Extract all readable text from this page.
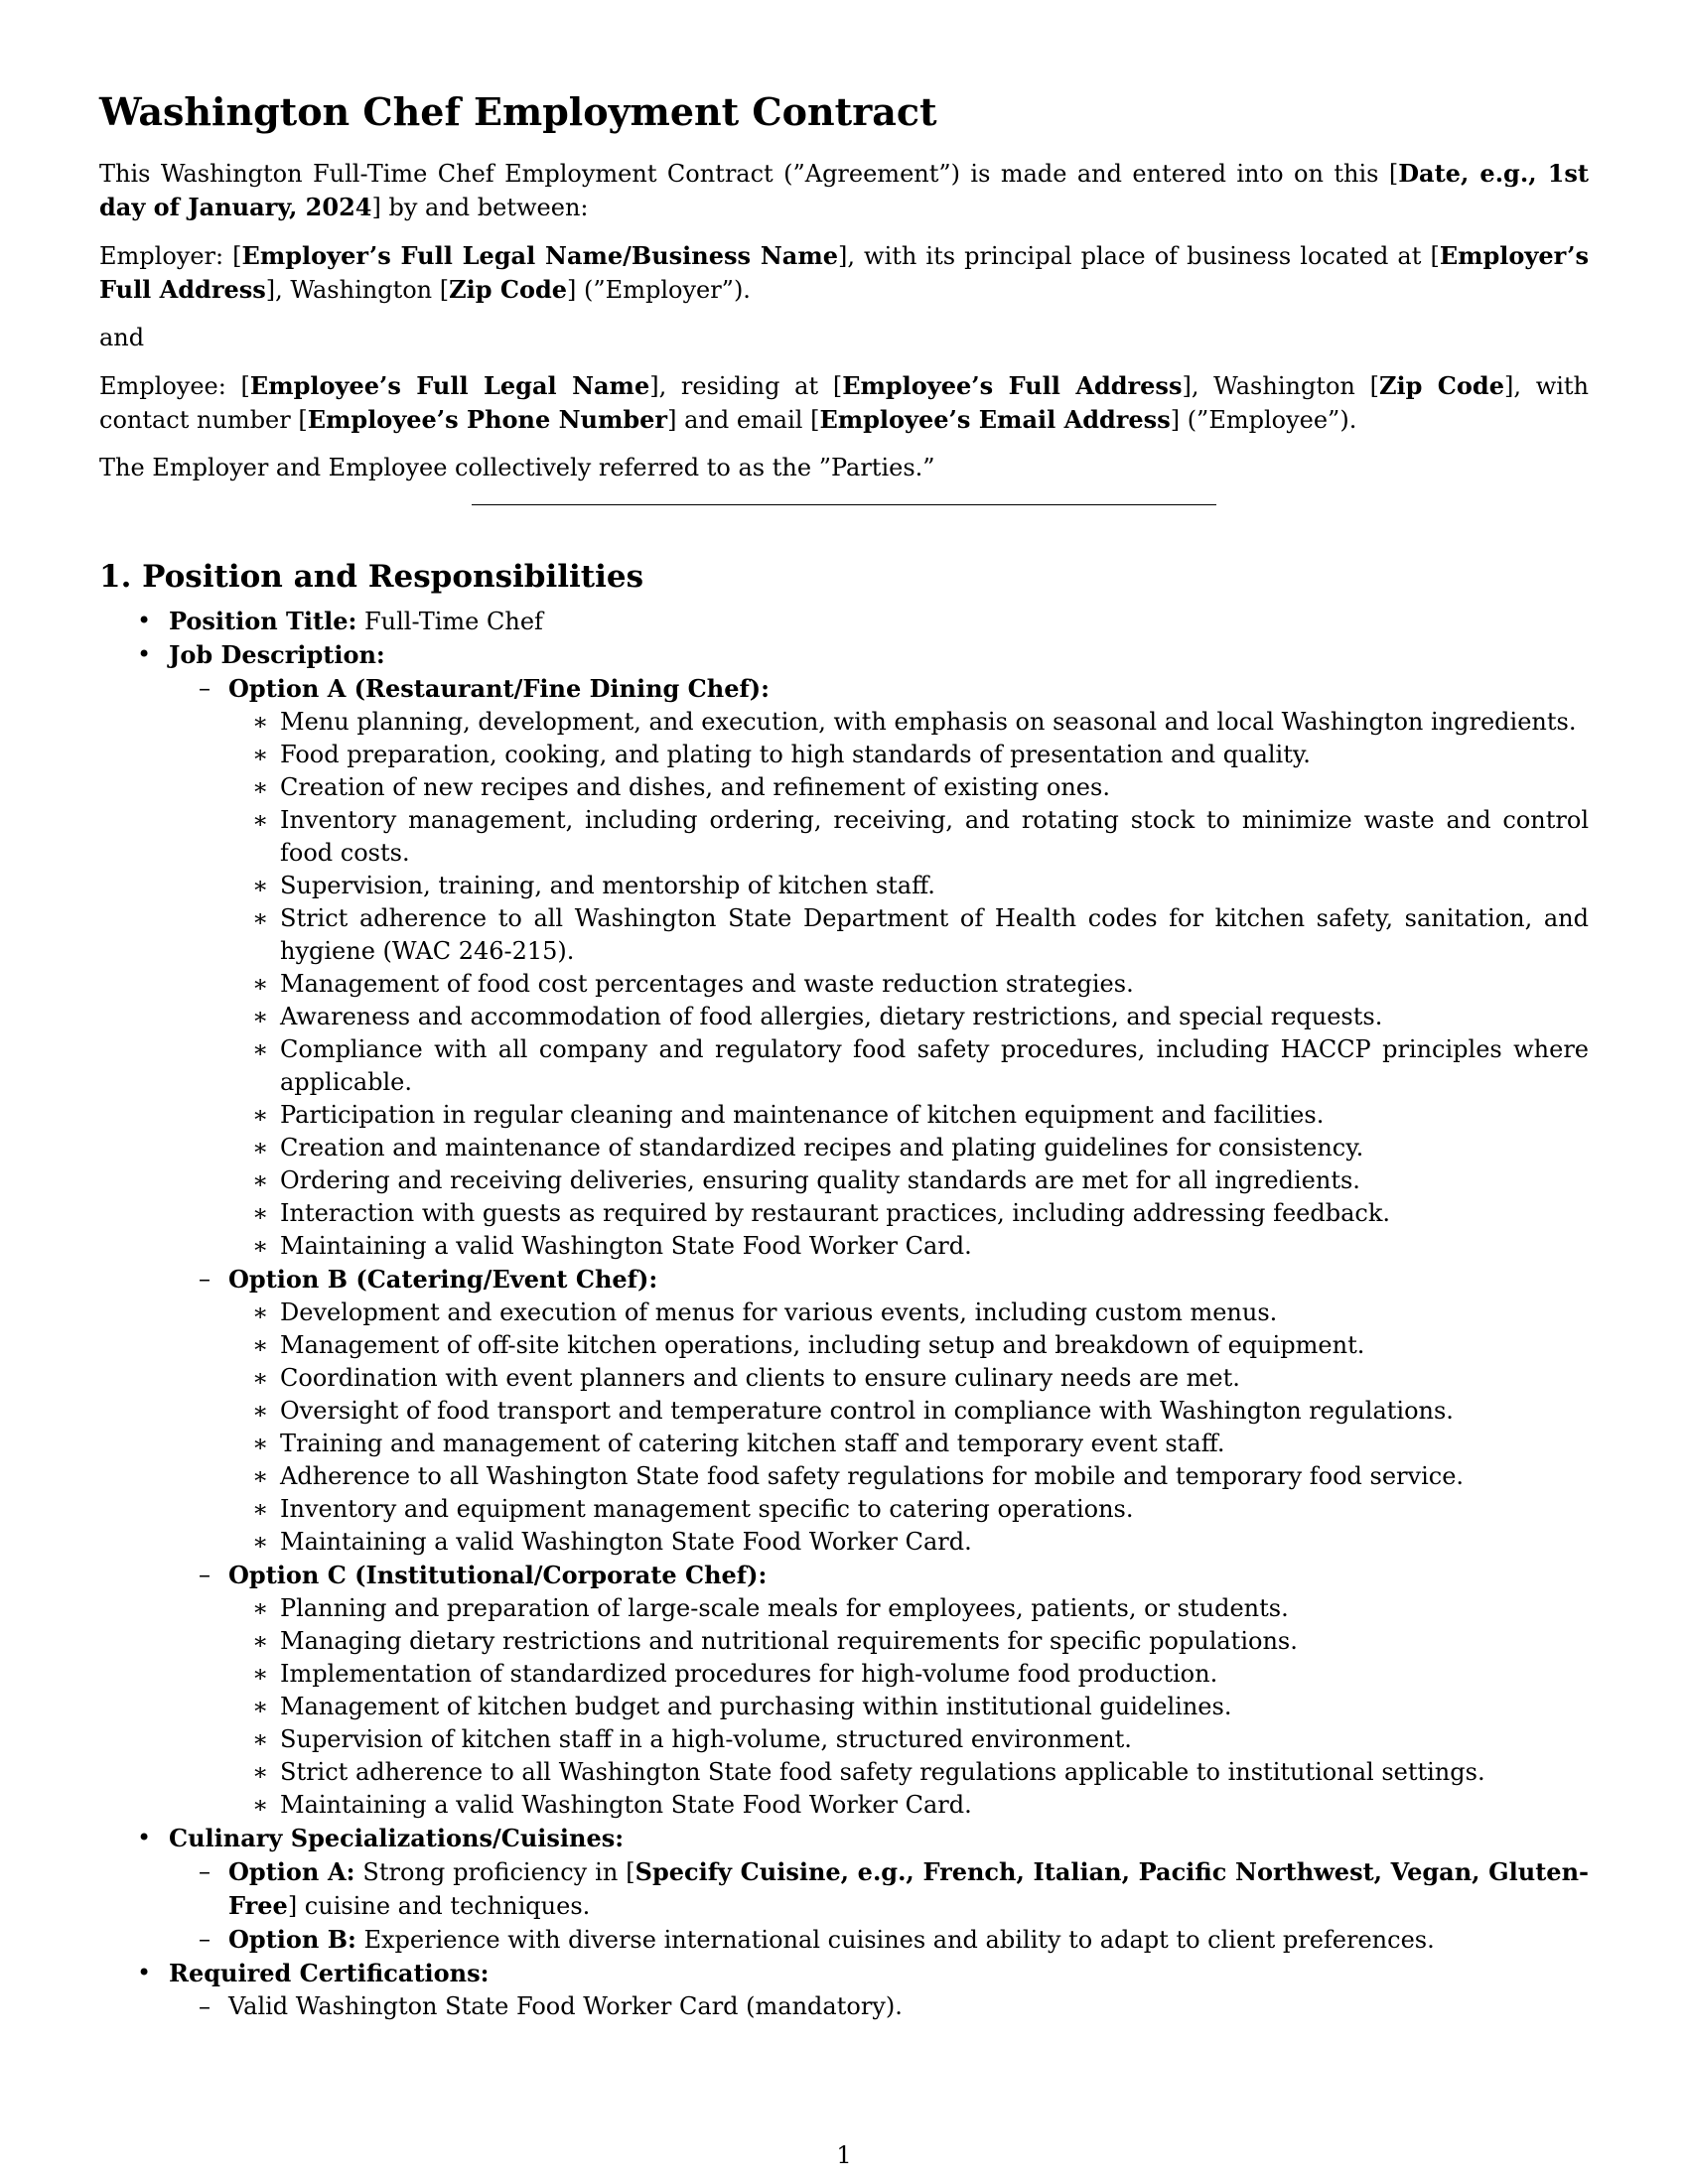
Washington Chef Employment Contract

This Washington Full-Time Chef Employment Contract (”Agreement”) is made and entered into on this [Date, e.g., 1st day of January, 2024] by and between:

Employer: [Employer’s Full Legal Name/Business Name], with its principal place of business located at [Employer’s Full Address], Washington [Zip Code] (”Employer”).

and

Employee: [Employee’s Full Legal Name], residing at [Employee’s Full Address], Washington [Zip Code], with contact number [Employee’s Phone Number] and email [Employee’s Email Address] (”Employee”).

The Employer and Employee collectively referred to as the ”Parties.”

1. Position and Responsibilities
• Position Title: Full-Time Chef
• Job Description:
– Option A (Restaurant/Fine Dining Chef):
∗ Menu planning, development, and execution, with emphasis on seasonal and local Washington ingredients.
∗ Food preparation, cooking, and plating to high standards of presentation and quality.
∗ Creation of new recipes and dishes, and refinement of existing ones.
∗ Inventory management, including ordering, receiving, and rotating stock to minimize waste and control food costs.
∗ Supervision, training, and mentorship of kitchen staff.
∗ Strict adherence to all Washington State Department of Health codes for kitchen safety, sanitation, and hygiene (WAC 246-215).
∗ Management of food cost percentages and waste reduction strategies.
∗ Awareness and accommodation of food allergies, dietary restrictions, and special requests.
∗ Compliance with all company and regulatory food safety procedures, including HACCP principles where applicable.
∗ Participation in regular cleaning and maintenance of kitchen equipment and facilities.
∗ Creation and maintenance of standardized recipes and plating guidelines for consistency.
∗ Ordering and receiving deliveries, ensuring quality standards are met for all ingredients.
∗ Interaction with guests as required by restaurant practices, including addressing feedback.
∗ Maintaining a valid Washington State Food Worker Card.
– Option B (Catering/Event Chef):
∗ Development and execution of menus for various events, including custom menus.
∗ Management of off-site kitchen operations, including setup and breakdown of equipment.
∗ Coordination with event planners and clients to ensure culinary needs are met.
∗ Oversight of food transport and temperature control in compliance with Washington regulations.
∗ Training and management of catering kitchen staff and temporary event staff.
∗ Adherence to all Washington State food safety regulations for mobile and temporary food service.
∗ Inventory and equipment management specific to catering operations.
∗ Maintaining a valid Washington State Food Worker Card.
– Option C (Institutional/Corporate Chef):
∗ Planning and preparation of large-scale meals for employees, patients, or students.
∗ Managing dietary restrictions and nutritional requirements for specific populations.
∗ Implementation of standardized procedures for high-volume food production.
∗ Management of kitchen budget and purchasing within institutional guidelines.
∗ Supervision of kitchen staff in a high-volume, structured environment.
∗ Strict adherence to all Washington State food safety regulations applicable to institutional settings.
∗ Maintaining a valid Washington State Food Worker Card.
• Culinary Specializations/Cuisines:
– Option A: Strong proficiency in [Specify Cuisine, e.g., French, Italian, Pacific Northwest, Vegan, Gluten-Free] cuisine and techniques.
– Option B: Experience with diverse international cuisines and ability to adapt to client preferences.
• Required Certifications:
– Valid Washington State Food Worker Card (mandatory).
1
